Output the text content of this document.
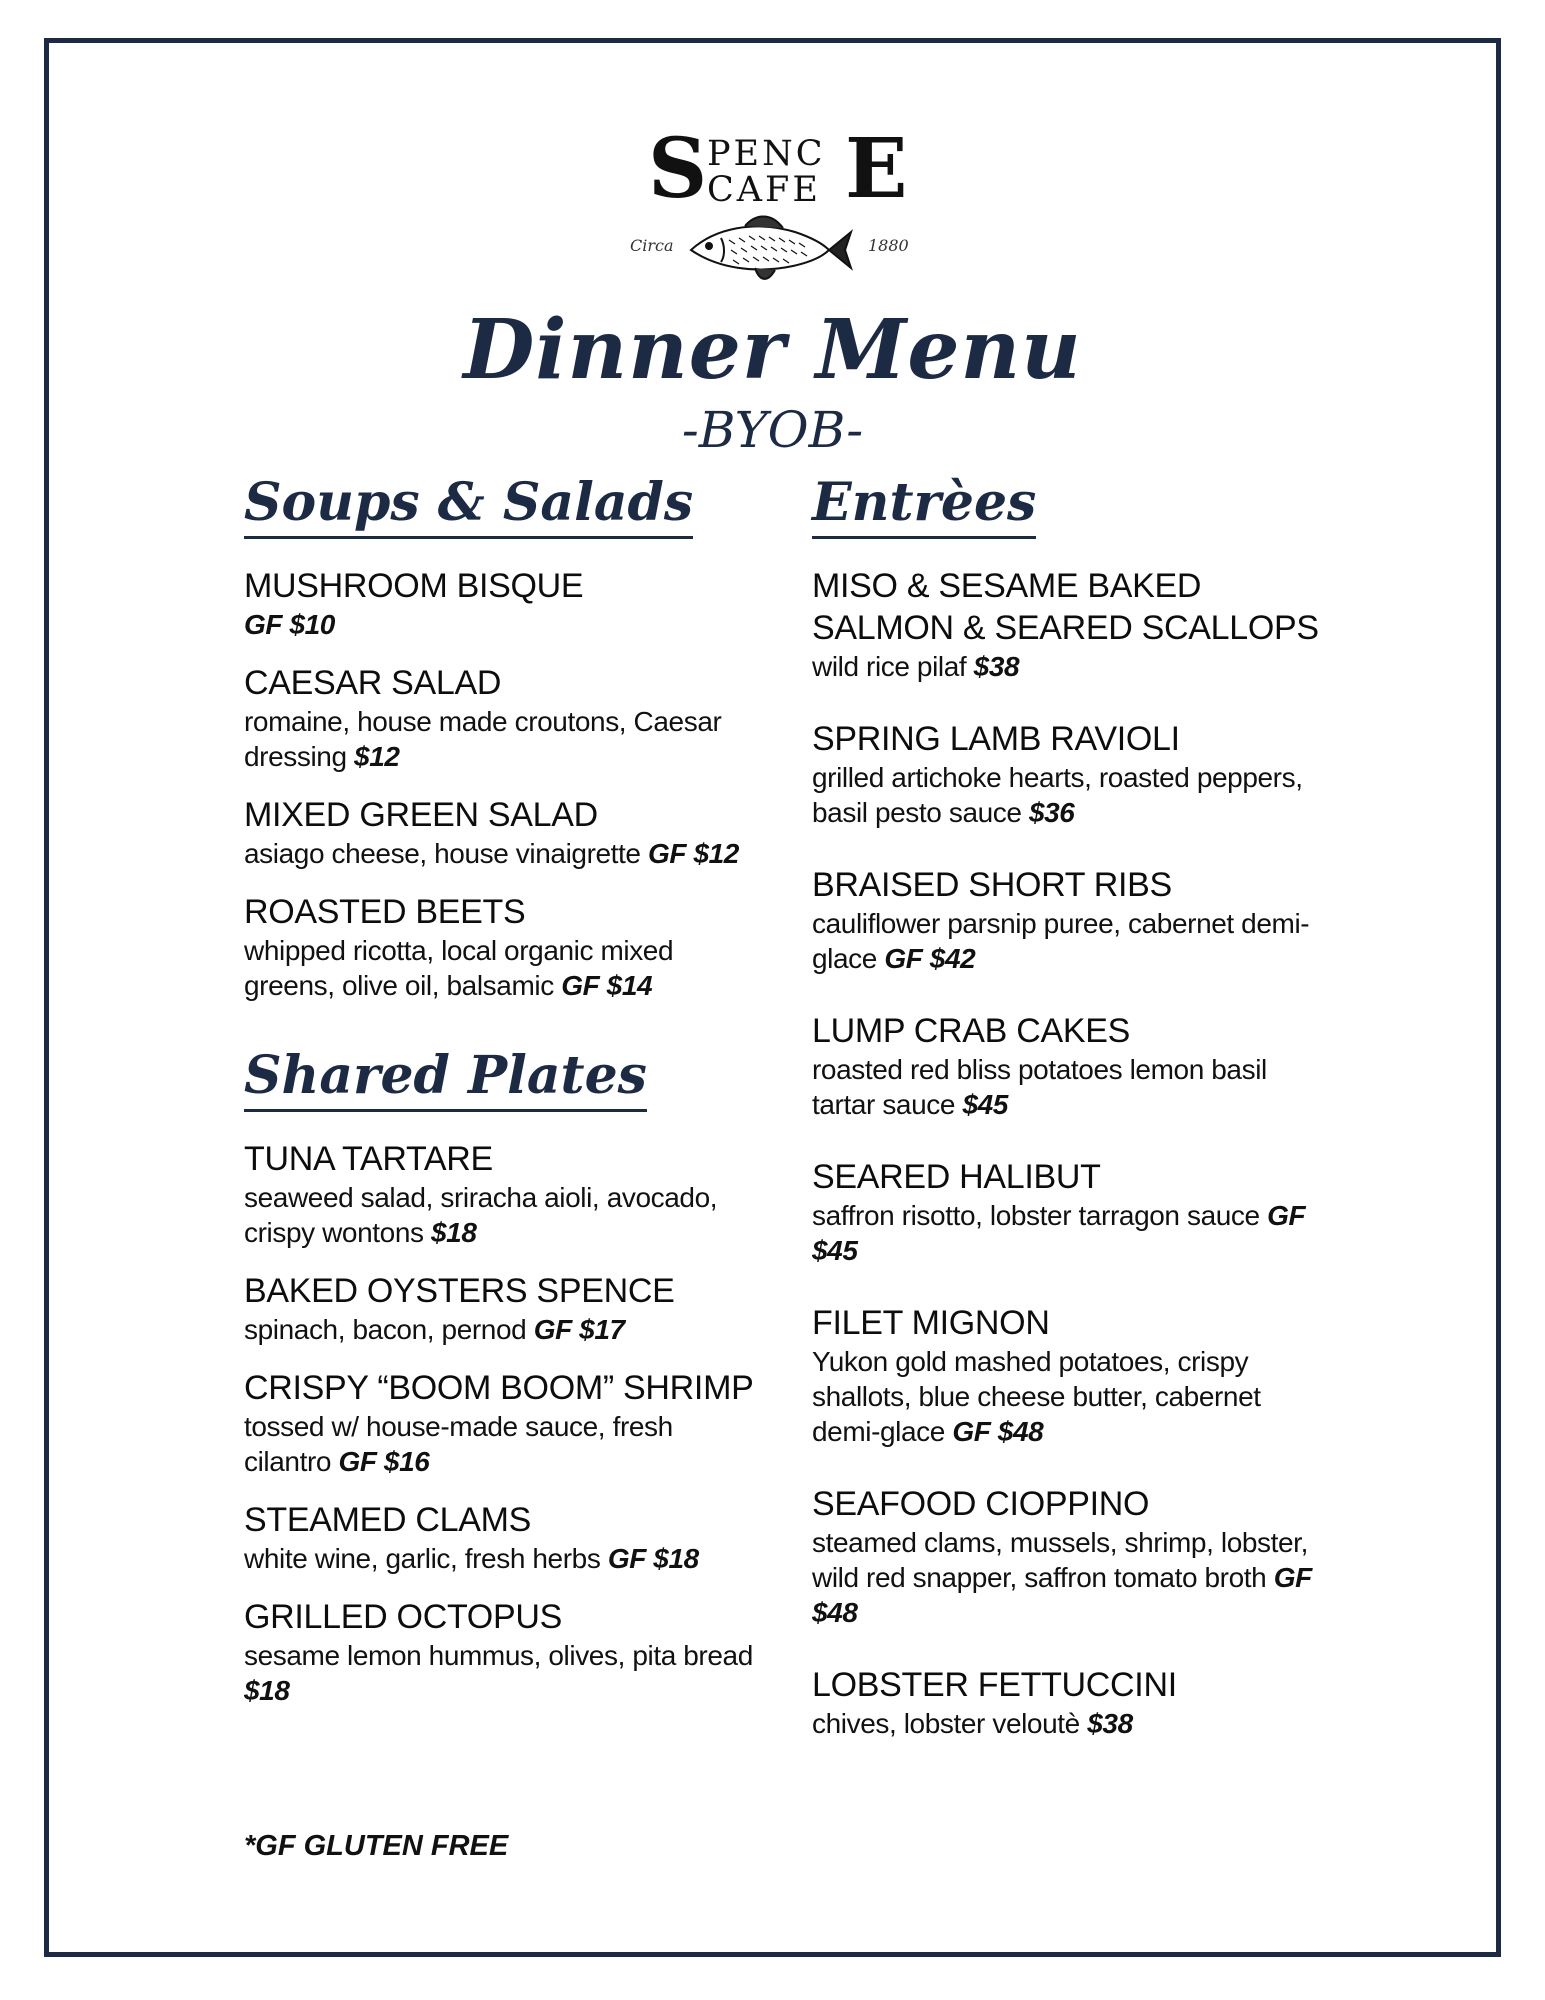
S PENC
CAFE E
Circa	1880
Dinner Menu
-BYOB-
Soups & Salads
MUSHROOM BISQUE
GF $10
CAESAR SALAD
romaine, house made croutons, Caesar dressing $12
MIXED GREEN SALAD
asiago cheese, house vinaigrette GF $12
ROASTED BEETS
whipped ricotta, local organic mixed greens, olive oil, balsamic GF $14
Shared Plates
TUNA TARTARE
seaweed salad, sriracha aioli, avocado, crispy wontons $18
BAKED OYSTERS SPENCE
spinach, bacon, pernod GF $17
CRISPY “BOOM BOOM” SHRIMP
tossed w/ house-made sauce, fresh cilantro GF $16
STEAMED CLAMS
white wine, garlic, fresh herbs GF $18
GRILLED OCTOPUS
sesame lemon hummus, olives, pita bread $18
Entrèes
MISO & SESAME BAKED SALMON & SEARED SCALLOPS
wild rice pilaf $38
SPRING LAMB RAVIOLI
grilled artichoke hearts, roasted peppers, basil pesto sauce $36
BRAISED SHORT RIBS
cauliflower parsnip puree, cabernet demi-glace GF $42
LUMP CRAB CAKES
roasted red bliss potatoes lemon basil tartar sauce $45
SEARED HALIBUT
saffron risotto, lobster tarragon sauce GF $45
FILET MIGNON
Yukon gold mashed potatoes, crispy shallots, blue cheese butter, cabernet demi-glace GF $48
SEAFOOD CIOPPINO
steamed clams, mussels, shrimp, lobster, wild red snapper, saffron tomato broth GF $48
LOBSTER FETTUCCINI
chives, lobster veloutè $38
*GF GLUTEN FREE
